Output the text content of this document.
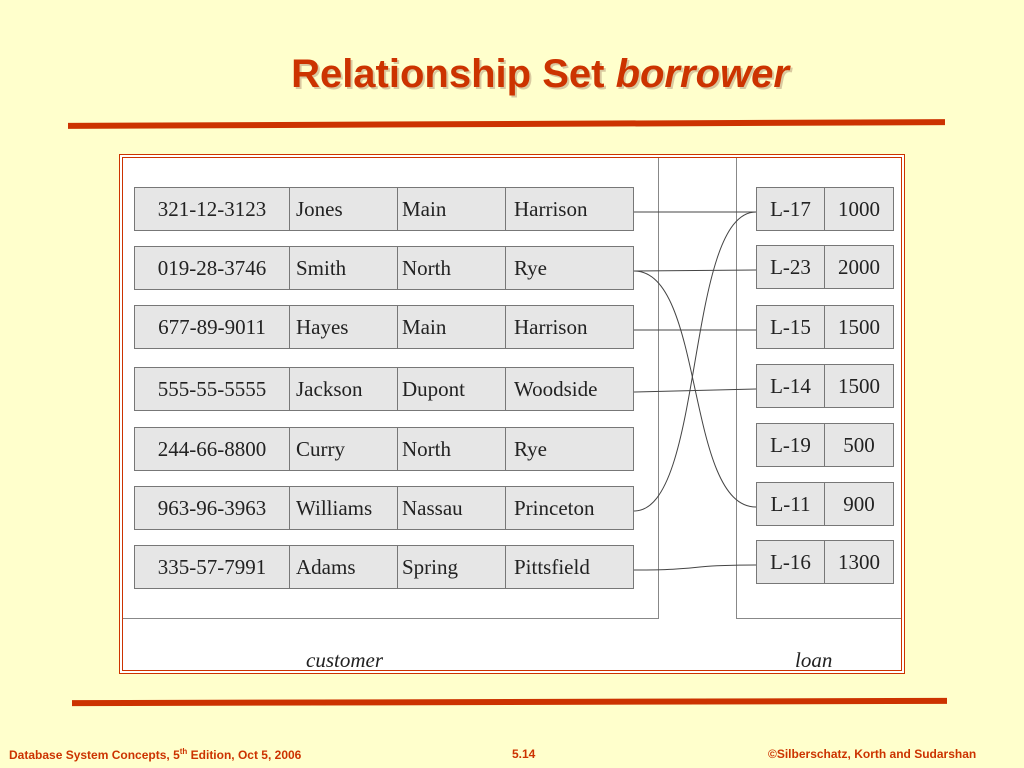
Relationship Set borrower
321-12-3123	Jones	Main	Harrison
019-28-3746	Smith	North	Rye
677-89-9011	Hayes	Main	Harrison
555-55-5555	Jackson	Dupont	Woodside
244-66-8800	Curry	North	Rye
963-96-3963	Williams	Nassau	Princeton
335-57-7991	Adams	Spring	Pittsfield
L-17	1000
L-23	2000
L-15	1500
L-14	1500
L-19	500
L-11	900
L-16	1300
customer	loan
Database System Concepts, 5th Edition, Oct 5, 2006	5.14	©Silberschatz, Korth and Sudarshan
